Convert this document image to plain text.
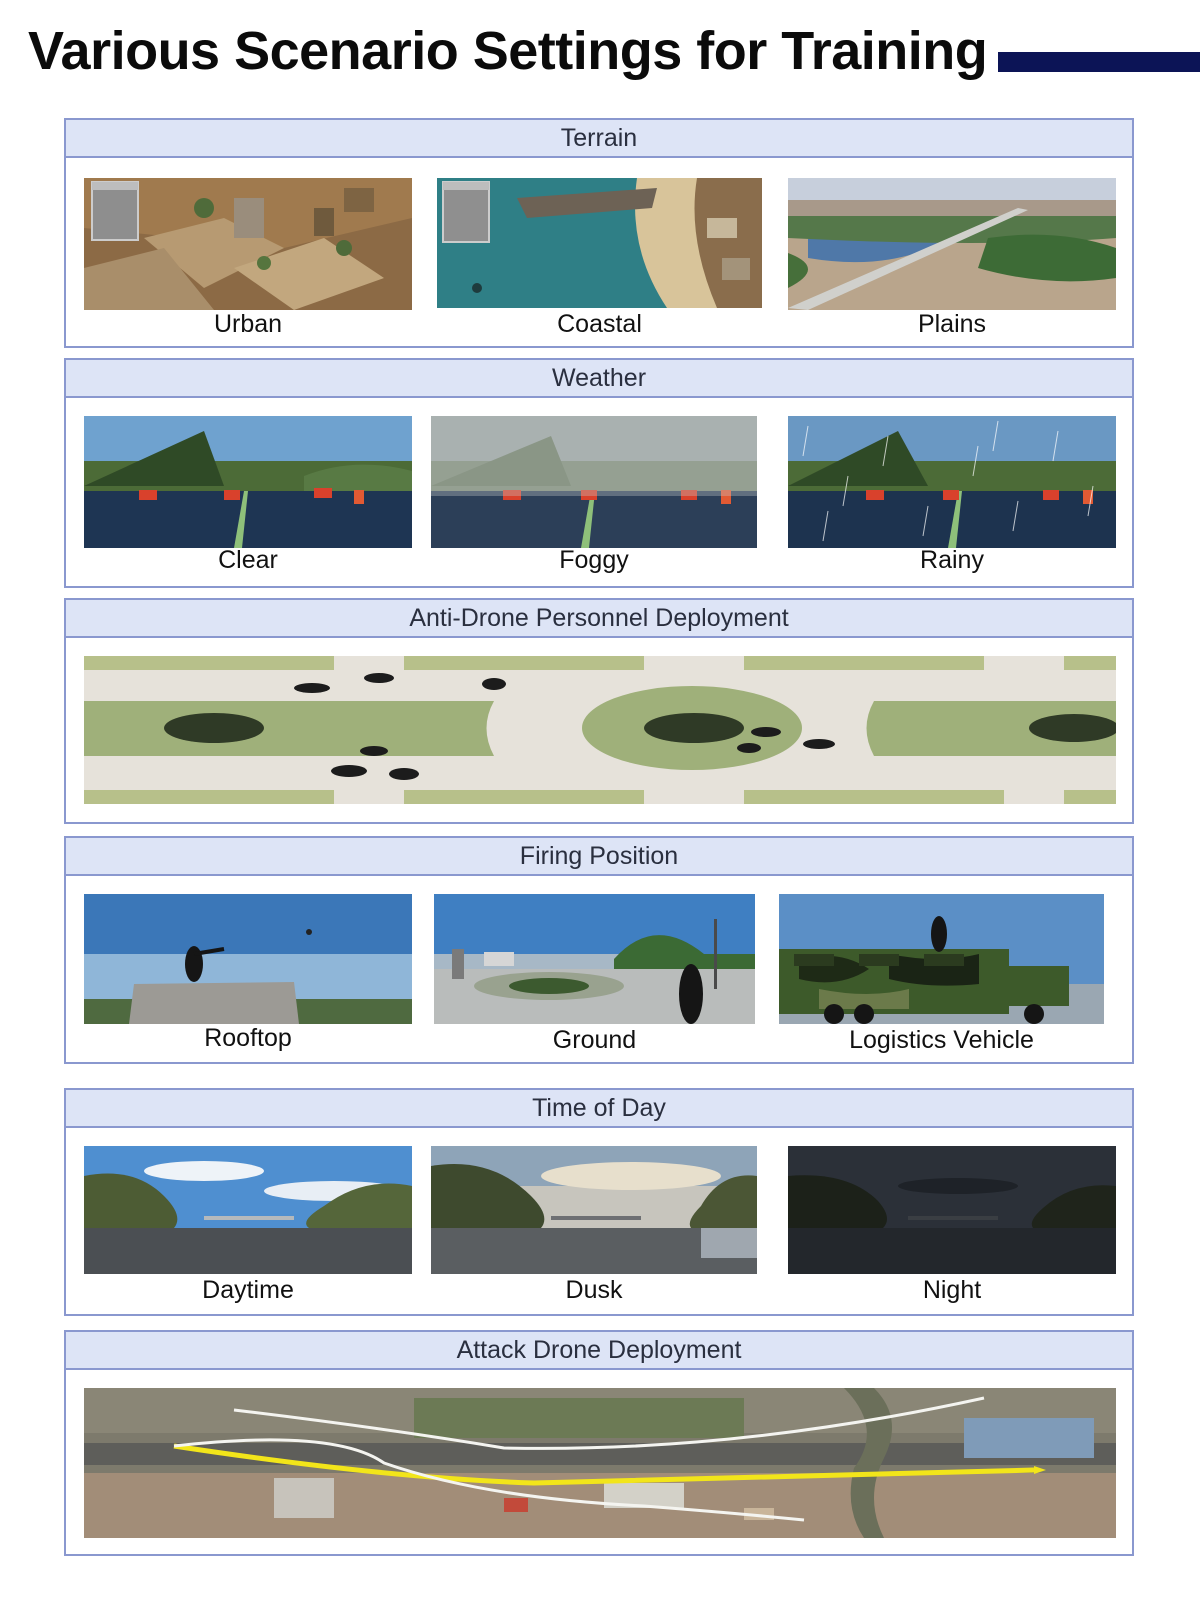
Various Scenario Settings for Training
Terrain
Urban	Coastal	Plains
Weather
Clear	Foggy	Rainy
Anti-Drone Personnel Deployment
Firing Position
Rooftop	Ground	Logistics Vehicle
Time of Day
Daytime	Dusk	Night
Attack Drone Deployment
